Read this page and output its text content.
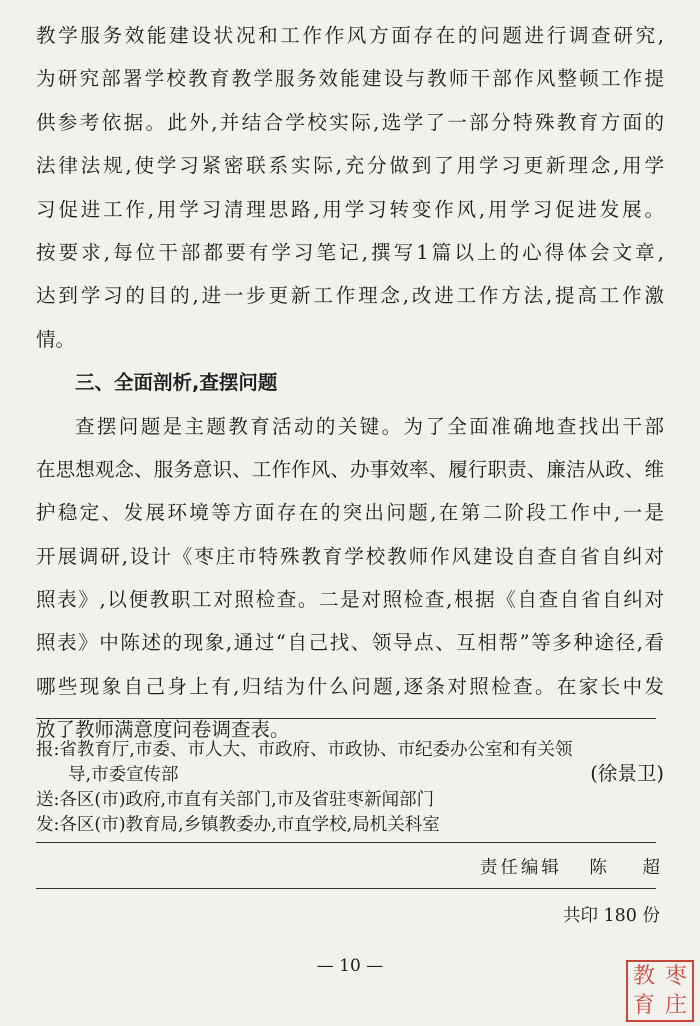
教学服务效能建设状况和工作作风方面存在的问题进行调查研究,
为研究部署学校教育教学服务效能建设与教师干部作风整顿工作提
供参考依据。此外,并结合学校实际,选学了一部分特殊教育方面的
法律法规,使学习紧密联系实际,充分做到了用学习更新理念,用学
习促进工作,用学习清理思路,用学习转变作风,用学习促进发展。
按要求,每位干部都要有学习笔记,撰写1篇以上的心得体会文章,
达到学习的目的,进一步更新工作理念,改进工作方法,提高工作激
情。
三、全面剖析,查摆问题
查摆问题是主题教育活动的关键。为了全面准确地查找出干部
在思想观念、服务意识、工作作风、办事效率、履行职责、廉洁从政、维
护稳定、发展环境等方面存在的突出问题,在第二阶段工作中,一是
开展调研,设计《枣庄市特殊教育学校教师作风建设自查自省自纠对
照表》,以便教职工对照检查。二是对照检查,根据《自查自省自纠对
照表》中陈述的现象,通过“自己找、领导点、互相帮”等多种途径,看
哪些现象自己身上有,归结为什么问题,逐条对照检查。在家长中发
放了教师满意度问卷调查表。
(徐景卫)
报:省教育厅,市委、市人大、市政府、市政协、市纪委办公室和有关领
导,市委宣传部
送:各区(市)政府,市直有关部门,市及省驻枣新闻部门
发:各区(市)教育局,乡镇教委办,市直学校,局机关科室
责任编辑 陈 超
共印 180 份
— 10 —	枣
庄
教
育
